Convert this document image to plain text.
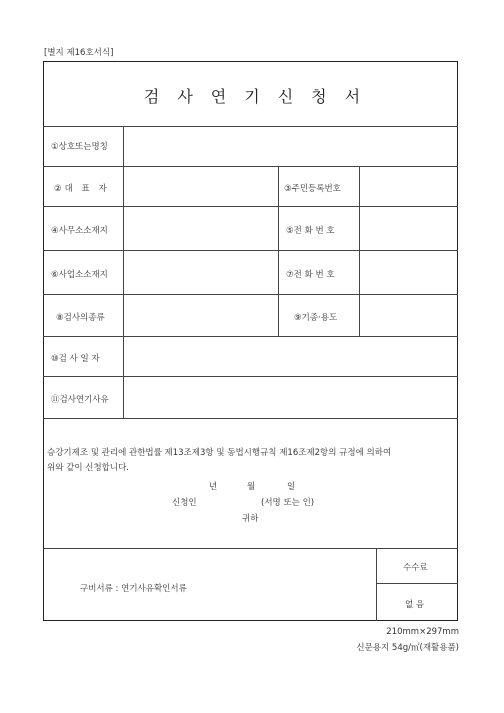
[별지 제16호서식]
검사연기신청서
①상호또는명칭
②대 표 자	③주민등록번호
④사무소소재지	⑤전 화 번 호
⑥사업소소재지	⑦전 화 번 호
⑧검사의종류	⑨기종·용도
⑩검 사 일 자
⑪검사연기사유
승강기제조 및 관리에 관한법률 제13조제3항 및 동법시행규칙 제16조제2항의 규정에 의하여
위와 같이 신청합니다.
년	월	일
신청인	(서명 또는 인)
귀하
구비서류 : 연기사유확인서류
수수료
없 음
210mm×297mm
신문용지 54g/㎡(재활용품)
